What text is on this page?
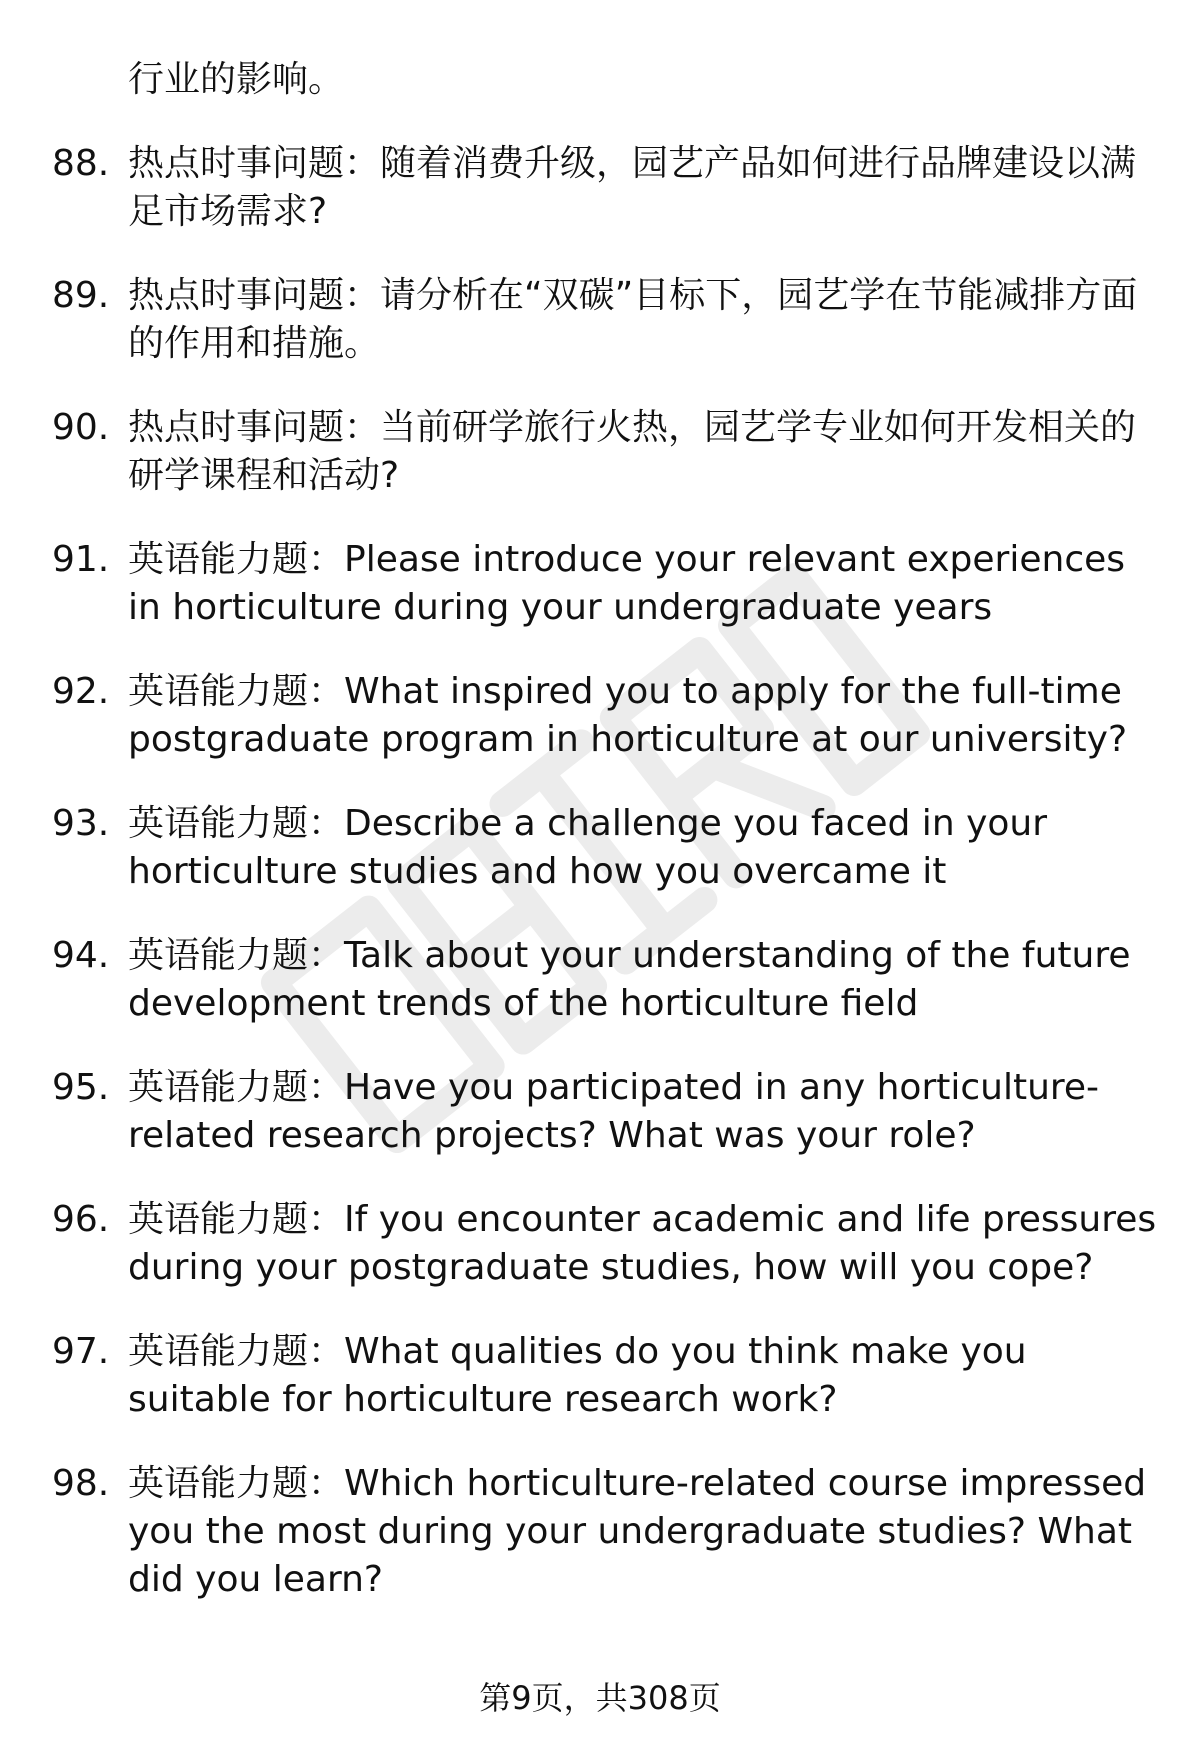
行业的影响。
88. 热点时事问题：随着消费升级，园艺产品如何进行品牌建设以满足市场需求?
89. 热点时事问题：请分析在“双碳”目标下，园艺学在节能减排方面的作用和措施。
90. 热点时事问题：当前研学旅行火热，园艺学专业如何开发相关的研学课程和活动?
91. 英语能力题：Please introduce your relevant experiences in horticulture during your undergraduate years
92. 英语能力题：What inspired you to apply for the full-time postgraduate program in horticulture at our university?
93. 英语能力题：Describe a challenge you faced in your horticulture studies and how you overcame it
94. 英语能力题：Talk about your understanding of the future development trends of the horticulture field
95. 英语能力题：Have you participated in any horticulture-related research projects? What was your role?
96. 英语能力题：If you encounter academic and life pressures during your postgraduate studies, how will you cope?
97. 英语能力题：What qualities do you think make you suitable for horticulture research work?
98. 英语能力题：Which horticulture-related course impressed you the most during your undergraduate studies? What did you learn?
第9页，共308页
